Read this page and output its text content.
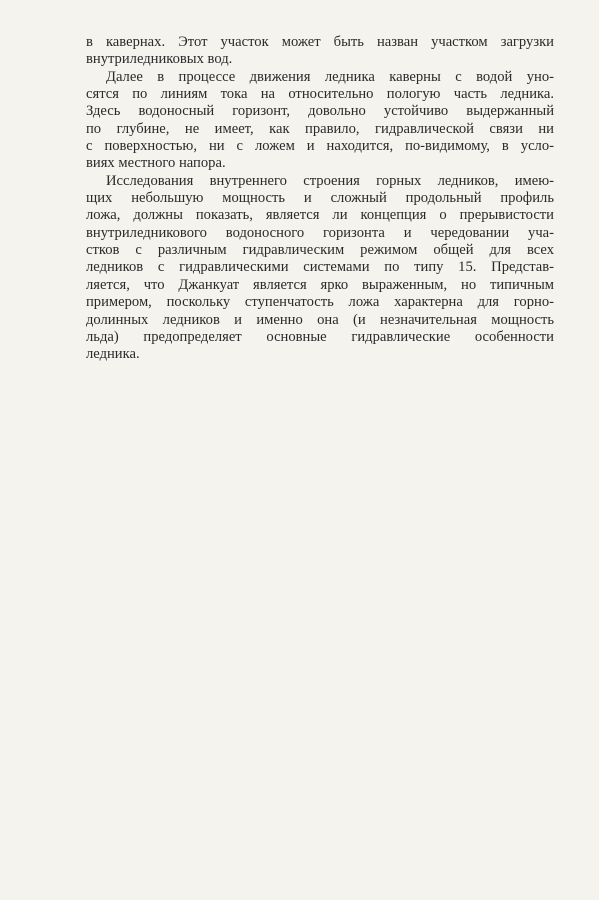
в кавернах. Этот участок может быть назван участком загрузки
внутриледниковых вод.
Далее в процессе движения ледника каверны с водой уно-
сятся по линиям тока на относительно пологую часть ледника.
Здесь водоносный горизонт, довольно устойчиво выдержанный
по глубине, не имеет, как правило, гидравлической связи ни
с поверхностью, ни с ложем и находится, по-видимому, в усло-
виях местного напора.
Исследования внутреннего строения горных ледников, имею-
щих небольшую мощность и сложный продольный профиль
ложа, должны показать, является ли концепция о прерывистости
внутриледникового водоносного горизонта и чередовании уча-
стков с различным гидравлическим режимом общей для всех
ледников с гидравлическими системами по типу 15. Представ-
ляется, что Джанкуат является ярко выраженным, но типичным
примером, поскольку ступенчатость ложа характерна для горно-
долинных ледников и именно она (и незначительная мощность
льда) предопределяет основные гидравлические особенности
ледника.
